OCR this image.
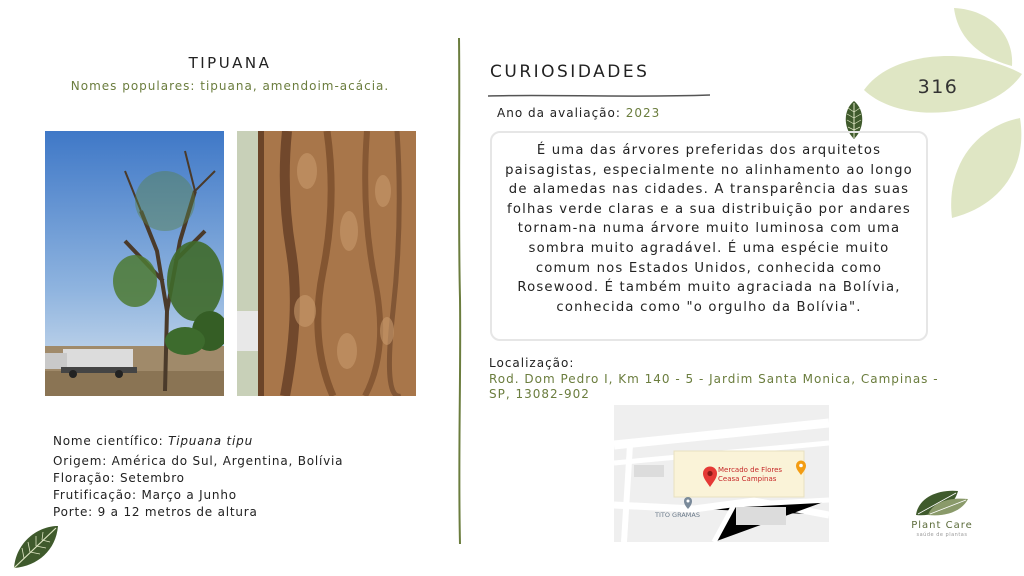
TIPUANA
Nomes populares: tipuana, amendoim-acácia.
Nome científico: Tipuana tipu
Origem: América do Sul, Argentina, Bolívia
Floração: Setembro
Frutificação: Março a Junho
Porte: 9 a 12 metros de altura
CURIOSIDADES
Ano da avaliação: 2023
É uma das árvores preferidas dos arquitetos paisagistas, especialmente no alinhamento ao longo de alamedas nas cidades. A transparência das suas folhas verde claras e a sua distribuição por andares tornam-na numa árvore muito luminosa com uma sombra muito agradável. É uma espécie muito comum nos Estados Unidos, conhecida como Rosewood. É também muito agraciada na Bolívia, conhecida como "o orgulho da Bolívia".
Localização:
Rod. Dom Pedro I, Km 140 - 5 - Jardim Santa Monica, Campinas - SP, 13082-902
Mercado de Flores
Ceasa Campinas
TITO GRAMAS
316
Plant Care
saúde de plantas
